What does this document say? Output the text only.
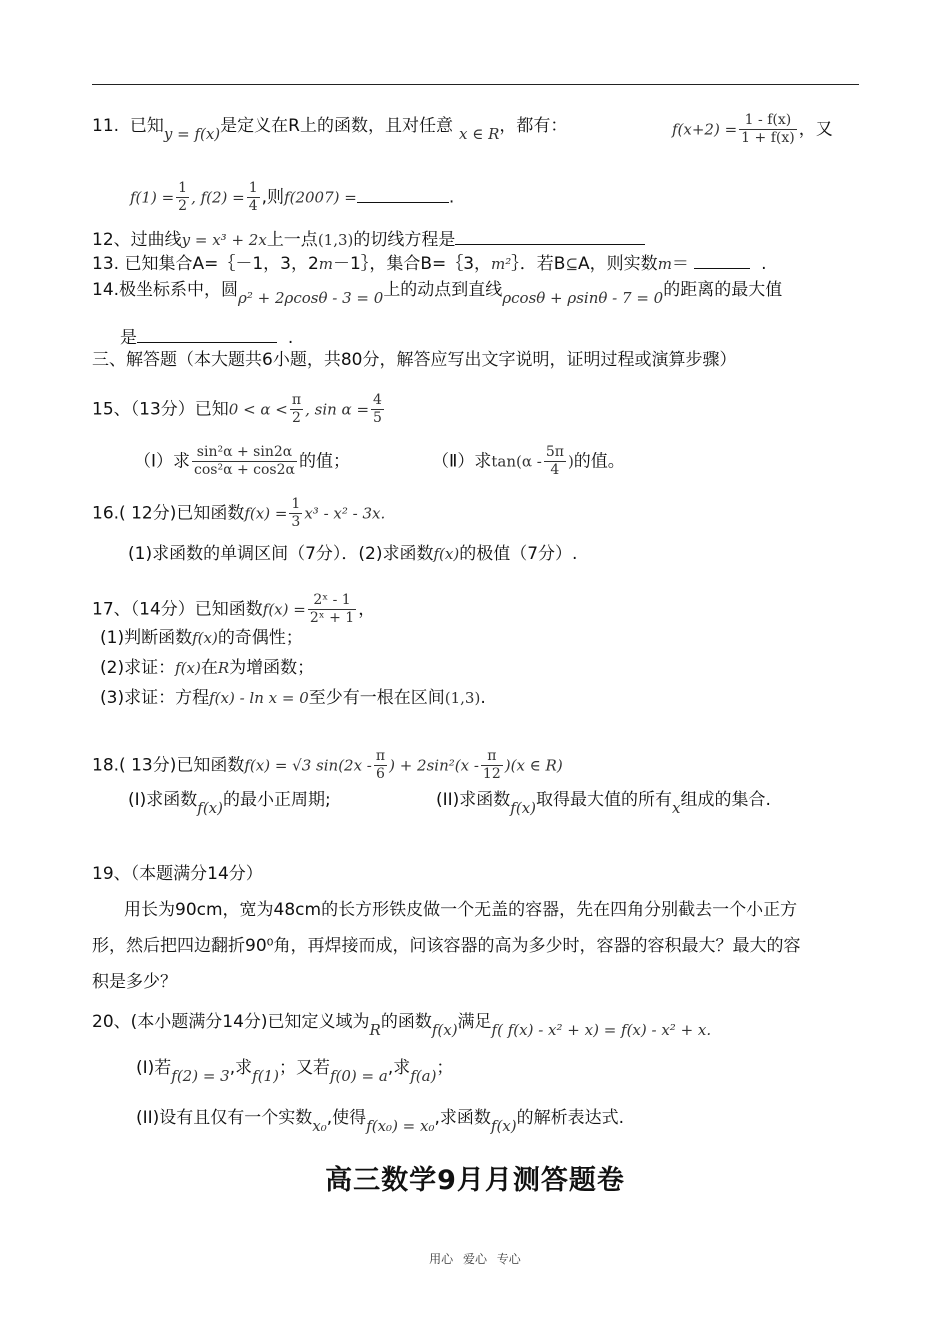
11. 已知y = f(x)是定义在R上的函数，且对任意 x ∈ R，都有：	$f(x+2) = \frac{1 - f(x)}{1 + f(x)}$ ，又
$f(1) = \frac{1}{2}$ , $f(2) = \frac{1}{4}$ ,则f(2007) =	.
12、过曲线y = x³ + 2x上一点(1,3)的切线方程是
13. 已知集合A=｛－1，3，2m－1｝，集合B=｛3，m²｝．若B⊆A，则实数m＝	.
14.极坐标系中，圆ρ² + 2ρcosθ - 3 = 0上的动点到直线ρcosθ + ρsinθ - 7 = 0的距离的最大值
是	.
三、解答题（本大题共6小题，共80分，解答应写出文字说明，证明过程或演算步骤）
15、（13分）已知$0 < \alpha < \frac{\pi}{2}$ , $\sin \alpha = \frac{4}{5}$
（Ⅰ）求 $\frac{\text{sin²α + sin2α}}{\text{cos²α + cos2α}}$ 的值；	（Ⅱ）求$\tan(\alpha - \frac{5\pi}{4}$ )的值。
16.( 12分)已知函数$f(x) = \frac{1}{3} x^3 - x^2 - 3x$.
(1)求函数的单调区间（7分）．(2)求函数f(x)的极值（7分）.
17、（14分）已知函数$f(x) = \frac{\text{2ˣ - 1}}{\text{2ˣ + 1}}$ ，
(1)判断函数f(x)的奇偶性；
(2)求证：f(x)在R为增函数；
(3)求证：方程f(x) - ln x = 0至少有一根在区间(1,3).
18.( 13分)已知函数f(x) = √3 $\sin(2x - \frac{\pi}{6}$ ) + $2\sin^2(x - \frac{\pi}{12} )(x$ ∈ R)
(I)求函数f(x)的最小正周期;	(II)求函数f(x)取得最大值的所有x组成的集合.
19、（本题满分14分）
用长为90cm，宽为48cm的长方形铁皮做一个无盖的容器，先在四角分别截去一个小正方
形，然后把四边翻折90⁰角，再焊接而成，问该容器的高为多少时，容器的容积最大？最大的容
积是多少？
20、(本小题满分14分)已知定义域为R的函数f(x)满足f( f(x) - x² + x) = f(x) - x² + x.
(I)若f(2) = 3,求f(1)；又若f(0) = a,求f(a)；
(II)设有且仅有一个实数x₀,使得f(x₀) = x₀,求函数f(x)的解析表达式.
高三数学9月月测答题卷
用心 爱心 专心
